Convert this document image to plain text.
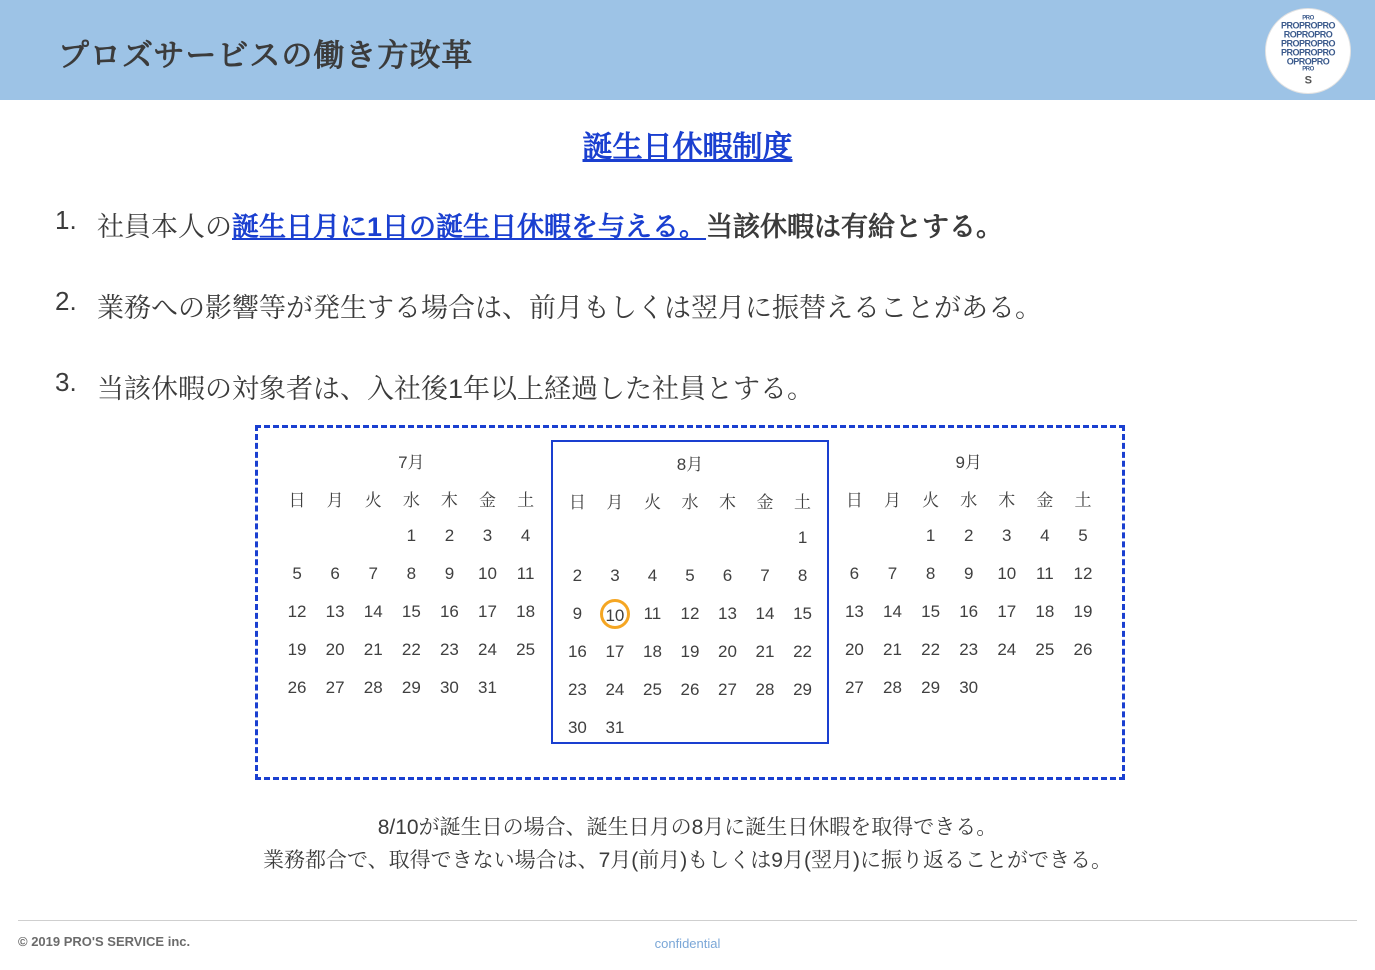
プロズサービスの働き方改革
PRO
PROPROPRO
ROPROPRO
PROPROPRO
PROPROPRO
OPROPRO
PRO
S
誕生日休暇制度
1. 社員本人の誕生日月に1日の誕生日休暇を与える。当該休暇は有給とする。
2. 業務への影響等が発生する場合は、前月もしくは翌月に振替えることがある。
3. 当該休暇の対象者は、入社後1年以上経過した社員とする。
7月
日	月	火	水	木	金	土
			1	2	3	4
5	6	7	8	9	10	11
12	13	14	15	16	17	18
19	20	21	22	23	24	25
26	27	28	29	30	31	
8月
日	月	火	水	木	金	土
						1
2	3	4	5	6	7	8
9	10	11	12	13	14	15
16	17	18	19	20	21	22
23	24	25	26	27	28	29
30	31					
9月
日	月	火	水	木	金	土
		1	2	3	4	5
6	7	8	9	10	11	12
13	14	15	16	17	18	19
20	21	22	23	24	25	26
27	28	29	30			
8/10が誕生日の場合、誕生日月の8月に誕生日休暇を取得できる。
業務都合で、取得できない場合は、7月(前月)もしくは9月(翌月)に振り返ることができる。
© 2019 PRO'S SERVICE inc.	confidential
